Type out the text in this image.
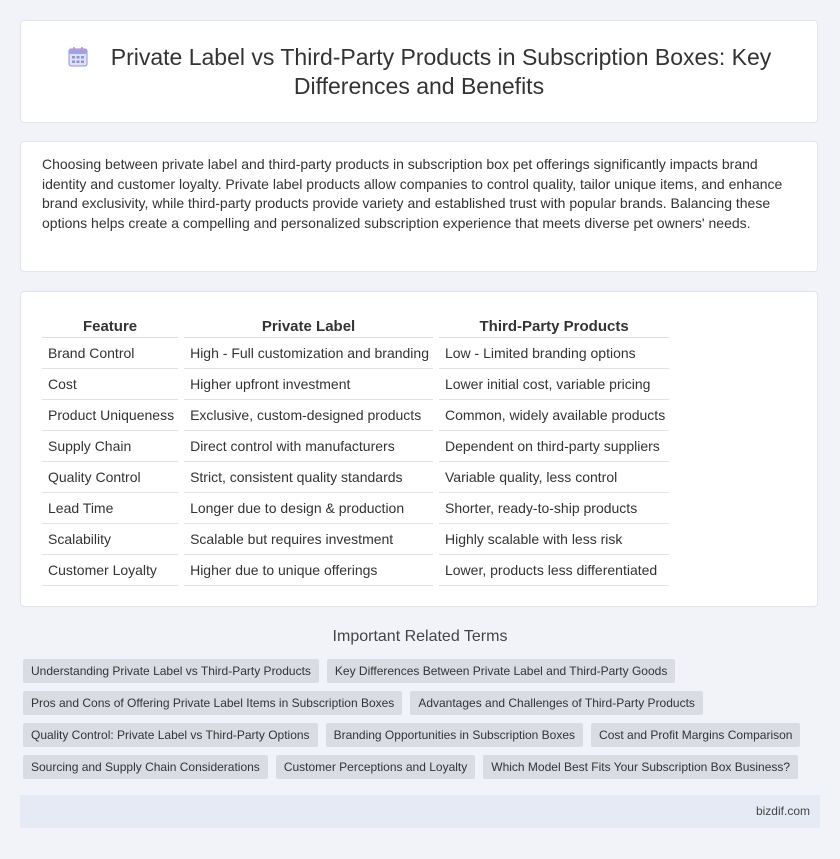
Private Label vs Third-Party Products in Subscription Boxes: Key Differences and Benefits
Choosing between private label and third-party products in subscription box pet offerings significantly impacts brand identity and customer loyalty. Private label products allow companies to control quality, tailor unique items, and enhance brand exclusivity, while third-party products provide variety and established trust with popular brands. Balancing these options helps create a compelling and personalized subscription experience that meets diverse pet owners' needs.
Feature	Private Label	Third-Party Products
Brand Control	High - Full customization and branding	Low - Limited branding options
Cost	Higher upfront investment	Lower initial cost, variable pricing
Product Uniqueness	Exclusive, custom-designed products	Common, widely available products
Supply Chain	Direct control with manufacturers	Dependent on third-party suppliers
Quality Control	Strict, consistent quality standards	Variable quality, less control
Lead Time	Longer due to design & production	Shorter, ready-to-ship products
Scalability	Scalable but requires investment	Highly scalable with less risk
Customer Loyalty	Higher due to unique offerings	Lower, products less differentiated
Important Related Terms
Understanding Private Label vs Third-Party Products	Key Differences Between Private Label and Third-Party Goods
Pros and Cons of Offering Private Label Items in Subscription Boxes	Advantages and Challenges of Third-Party Products
Quality Control: Private Label vs Third-Party Options	Branding Opportunities in Subscription Boxes	Cost and Profit Margins Comparison
Sourcing and Supply Chain Considerations	Customer Perceptions and Loyalty	Which Model Best Fits Your Subscription Box Business?
bizdif.com
